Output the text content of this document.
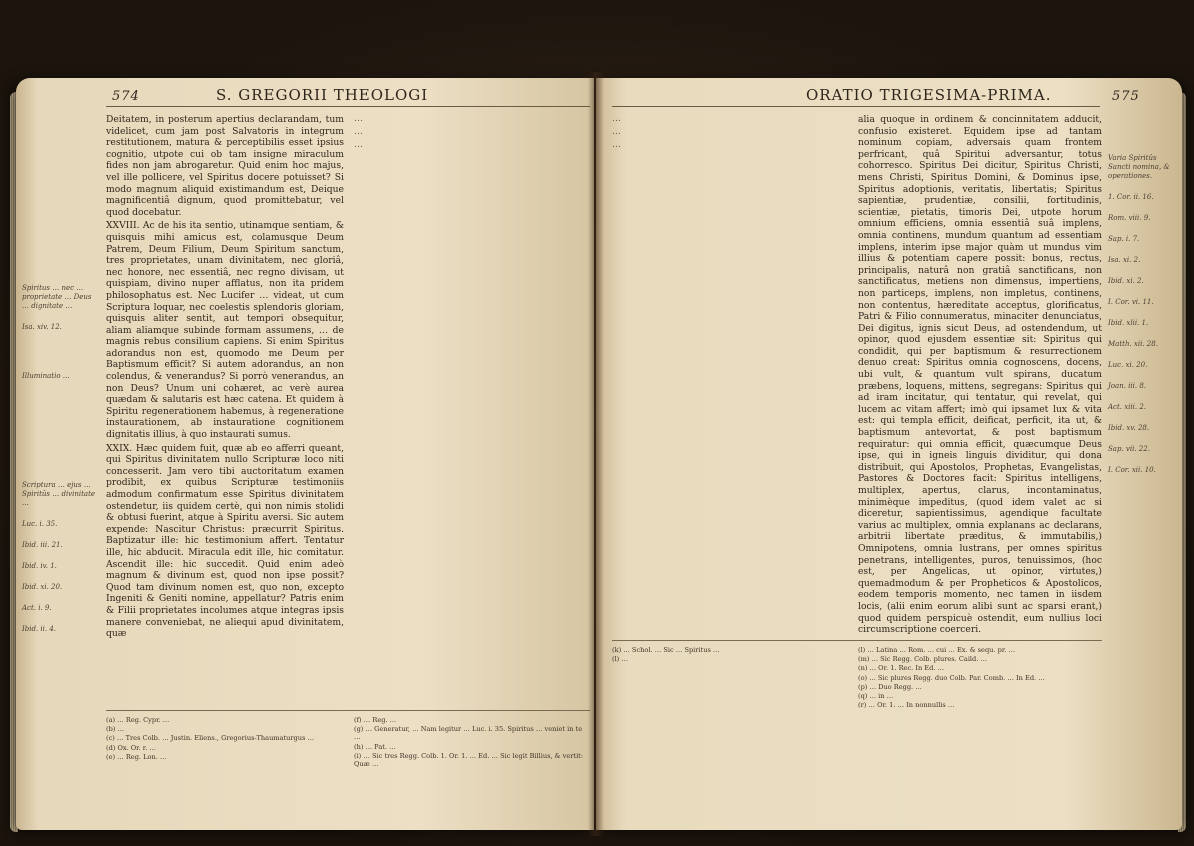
574	S. GREGORII THEOLOGI
Spiritus … nec … proprietate … Deus … dignitate …
Isa. xiv. 12.
Illuminatio …
Scriptura … ejus … Spiritûs … divinitate …
Luc. i. 35.
Ibid. iii. 21.
Ibid. iv. 1.
Ibid. xi. 20.
Act. i. 9.
Ibid. ii. 4.

Deitatem, in posterum apertius declarandam, tum videlicet, cum jam post Salvatoris in integrum restitutionem, matura & perceptibilis esset ipsius cognitio, utpote cui ob tam insigne miraculum fides non jam abrogaretur. Quid enim hoc majus, vel ille pollicere, vel Spiritus docere potuisset? Si modo magnum aliquid existimandum est, Deique magnificentiâ dignum, quod promittebatur, vel quod docebatur.

XXVIII. Ac de his ita sentio, utinamque sentiam, & quisquis mihi amicus est, colamusque Deum Patrem, Deum Filium, Deum Spiritum sanctum, tres proprietates, unam divinitatem, nec gloriâ, nec honore, nec essentiâ, nec regno divisam, ut quispiam, divino nuper afflatus, non ita pridem philosophatus est. Nec Lucifer … videat, ut cum Scriptura loquar, nec coelestis splendoris gloriam, quisquis aliter sentit, aut tempori obsequitur, aliam aliamque subinde formam assumens, … de magnis rebus consilium capiens. Si enim Spiritus adorandus non est, quomodo me Deum per Baptismum efficit? Si autem adorandus, an non colendus, & venerandus? Si porrò venerandus, an non Deus? Unum uni cohæret, ac verè aurea quædam & salutaris est hæc catena. Et quidem à Spiritu regenerationem habemus, à regeneratione instaurationem, ab instauratione cognitionem dignitatis illius, à quo instaurati sumus.

XXIX. Hæc quidem fuit, quæ ab eo afferri queant, qui Spiritus divinitatem nullo Scripturæ loco niti concesserit. Jam vero tibi auctoritatum examen prodibit, ex quibus Scripturæ testimoniis admodum confirmatum esse Spiritus divinitatem ostendetur, iis quidem certè, qui non nimis stolidi & obtusi fuerint, atque à Spiritu aversi. Sic autem expende: Nascitur Christus: præcurrit Spiritus. Baptizatur ille: hic testimonium affert. Tentatur ille, hic abducit. Miracula edit ille, hic comitatur. Ascendit ille: hic succedit. Quid enim adeò magnum & divinum est, quod non ipse possit? Quod tam divinum nomen est, quo non, excepto Ingeniti & Geniti nomine, appellatur? Patris enim & Filii proprietates incolumes atque integras ipsis manere conveniebat, ne aliequi apud divinitatem, quæ

…

…

…

(a) … Reg. Cypr. …

(b) …

(c) … Tres Colb. … Justin. Eliens., Gregorius-Thaumaturgus …

(d) Ox. Or. r. …

(e) … Reg. Lon. …

(f) … Reg. …

(g) … Generatur, … Nam legitur … Luc. i. 35. Spiritus … veniet in te …

(h) … Pat. …

(i) … Sic tres Regg. Colb. 1. Or. 1. … Ed. … Sic legit Billius, & vertit: Quæ …

ORATIO TRIGESIMA-PRIMA.	575

…

…

…

alia quoque in ordinem & concinnitatem adducit, confusio existeret. Equidem ipse ad tantam nominum copiam, adversais quam frontem perfricant, quâ Spiritui adversantur, totus cohorresco. Spiritus Dei dicitur, Spiritus Christi, mens Christi, Spiritus Domini, & Dominus ipse, Spiritus adoptionis, veritatis, libertatis; Spiritus sapientiæ, prudentiæ, consilii, fortitudinis, scientiæ, pietatis, timoris Dei, utpote horum omnium efficiens, omnia essentiâ suâ implens, omnia continens, mundum quantum ad essentiam implens, interim ipse major quàm ut mundus vim illius & potentiam capere possit: bonus, rectus, principalis, naturâ non gratiâ sanctificans, non sanctificatus, metiens non dimensus, impertiens, non particeps, implens, non impletus, continens, non contentus, hæreditate acceptus, glorificatus, Patri & Filio connumeratus, minaciter denunciatus, Dei digitus, ignis sicut Deus, ad ostendendum, ut opinor, quod ejusdem essentiæ sit: Spiritus qui condidit, qui per baptismum & resurrectionem denuo creat: Spiritus omnia cognoscens, docens, ubi vult, & quantum vult spirans, ducatum præbens, loquens, mittens, segregans: Spiritus qui ad iram incitatur, qui tentatur, qui revelat, qui lucem ac vitam affert; imò qui ipsamet lux & vita est: qui templa efficit, deificat, perficit, ita ut, & baptismum antevortat, & post baptismum requiratur: qui omnia efficit, quæcumque Deus ipse, qui in igneis linguis dividitur, qui dona distribuit, qui Apostolos, Prophetas, Evangelistas, Pastores & Doctores facit: Spiritus intelligens, multiplex, apertus, clarus, incontaminatus, minimèque impeditus, (quod idem valet ac si diceretur, sapientissimus, agendique facultate varius ac multiplex, omnia explanans ac declarans, arbitrii libertate præditus, & immutabilis,) Omnipotens, omnia lustrans, per omnes spiritus penetrans, intelligentes, puros, tenuissimos, (hoc est, per Angelicas, ut opinor, virtutes,) quemadmodum & per Propheticos & Apostolicos, eodem temporis momento, nec tamen in iisdem locis, (alii enim eorum alibi sunt ac sparsi erant,) quod quidem perspicuè ostendit, eum nullius loci circumscriptione coerceri.

Varia Spiritûs Sancti nomina, & operationes.
1. Cor. ii. 16.
Rom. viii. 9.
Sap. i. 7.
Isa. xi. 2.
Ibid. xi. 2.
I. Cor. vi. 11.
Ibid. xlii. 1.
Matth. xii. 28.
Luc. xi. 20.
Joan. iii. 8.
Act. xiii. 2.
Ibid. xv. 28.
Sap. vii. 22.
I. Cor. xii. 10.

(k) … Schol. … Sic … Spiritus …

(l) …

(l) … Latina … Rom. … cui … Ex. & sequ. pr. …

(m) … Sic Regg. Colb. plures. Caild. …

(n) … Or. 1. Rec. In Ed. …

(o) … Sic plures Regg. duo Colb. Par. Comb. … In Ed. …

(p) … Duo Regg. …

(q) … in …

(r) … Or. 1. … In nonnullis …
